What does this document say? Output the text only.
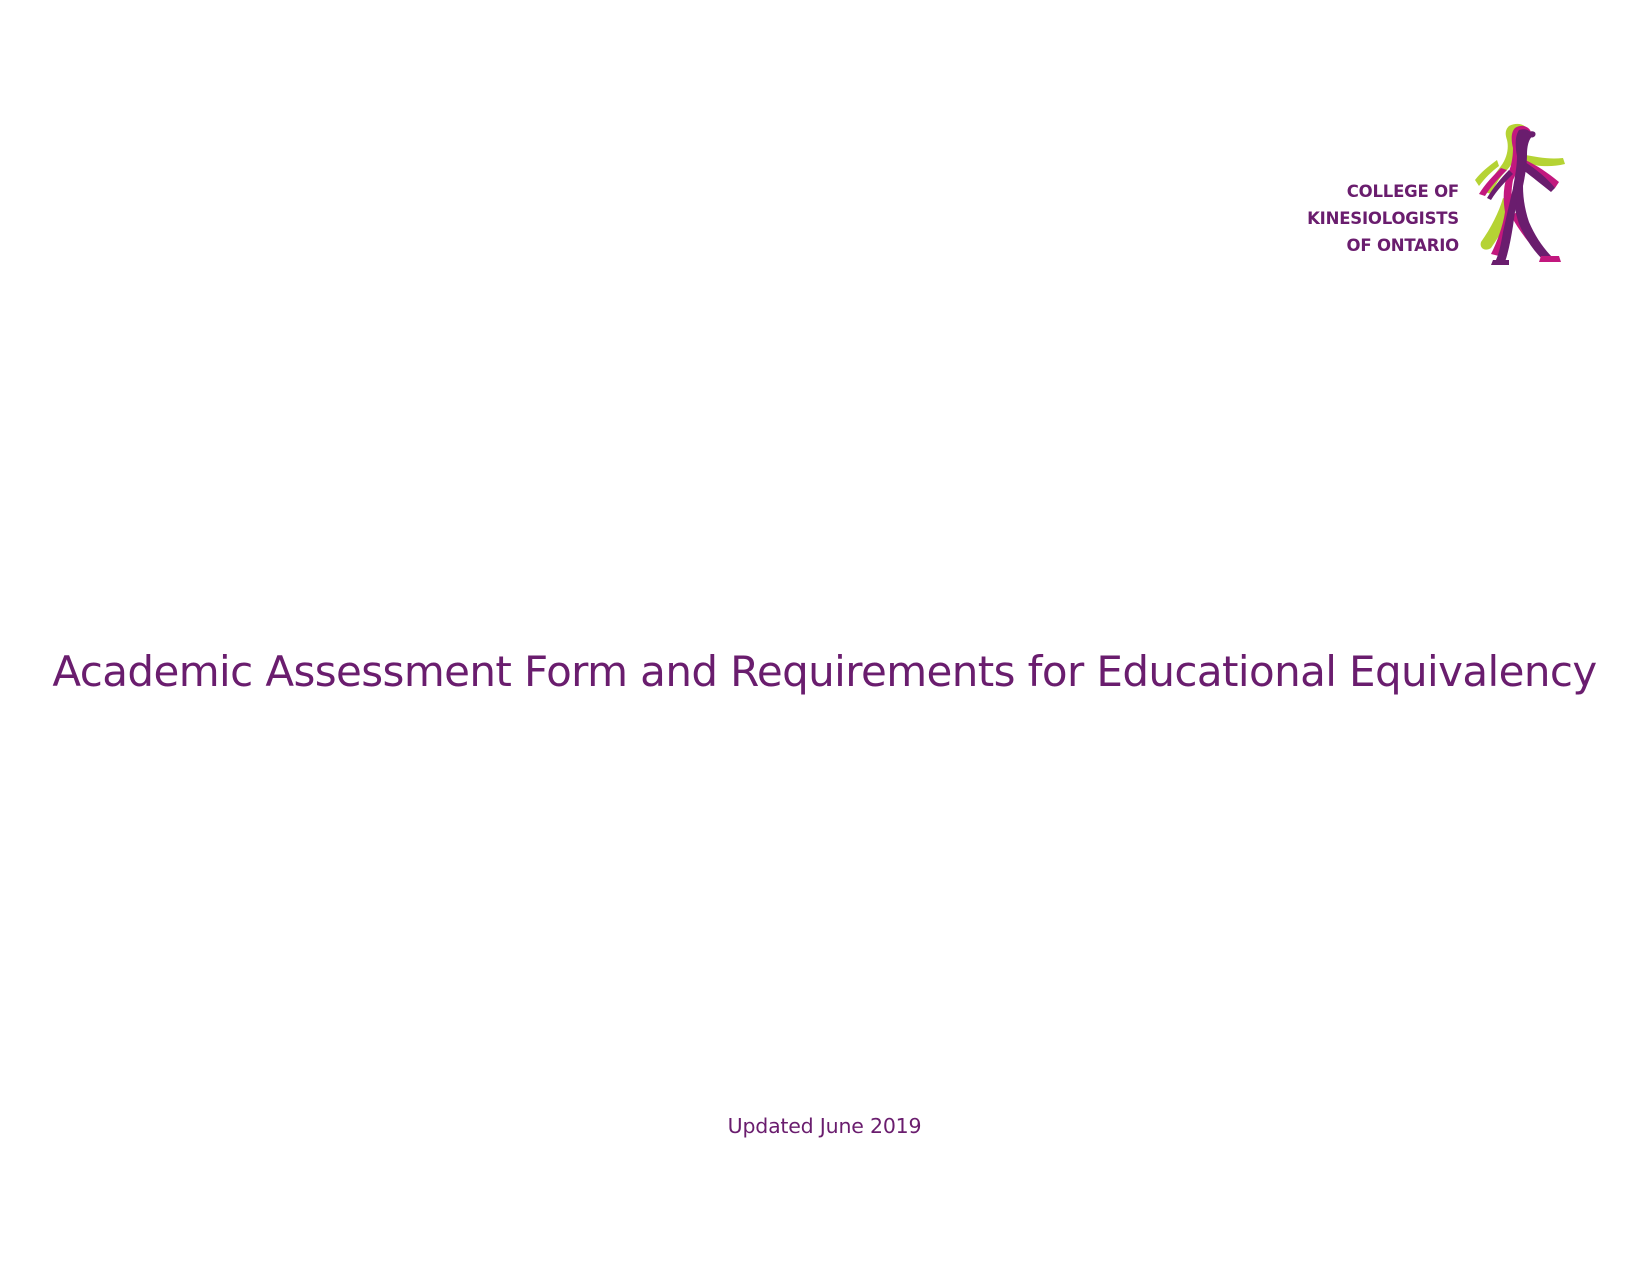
COLLEGE OF
KINESIOLOGISTS
OF ONTARIO
Academic Assessment Form and Requirements for Educational Equivalency
Updated June 2019
